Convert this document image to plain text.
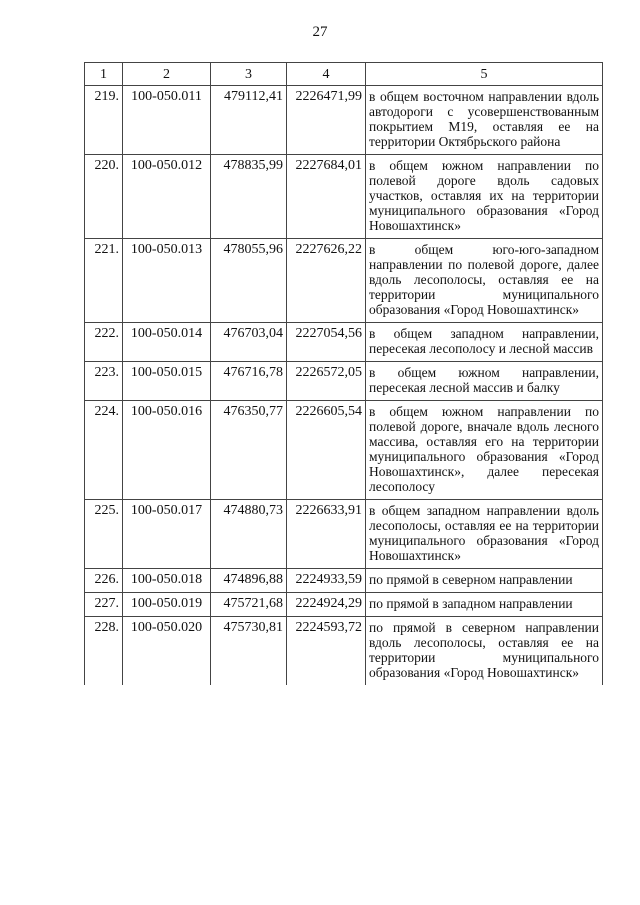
27
1	2	3	4	5
219.	100-050.011	479112,41	2226471,99	в общем восточном направлении вдоль автодороги с усовершенствованным покрытием М19, оставляя ее на территории Октябрьского района
220.	100-050.012	478835,99	2227684,01	в общем южном направлении по полевой дороге вдоль садовых участков, оставляя их на территории муниципального образования «Город Новошахтинск»
221.	100-050.013	478055,96	2227626,22	в общем юго-юго-западном направлении по полевой дороге, далее вдоль лесополосы, оставляя ее на территории муниципального образования «Город Новошахтинск»
222.	100-050.014	476703,04	2227054,56	в общем западном направлении, пересекая лесополосу и лесной массив
223.	100-050.015	476716,78	2226572,05	в общем южном направлении, пересекая лесной массив и балку
224.	100-050.016	476350,77	2226605,54	в общем южном направлении по полевой дороге, вначале вдоль лесного массива, оставляя его на территории муниципального образования «Город Новошахтинск», далее пересекая лесополосу
225.	100-050.017	474880,73	2226633,91	в общем западном направлении вдоль лесополосы, оставляя ее на территории муниципального образования «Город Новошахтинск»
226.	100-050.018	474896,88	2224933,59	по прямой в северном направлении
227.	100-050.019	475721,68	2224924,29	по прямой в западном направлении
228.	100-050.020	475730,81	2224593,72	по прямой в северном направлении вдоль лесополосы, оставляя ее на территории муниципального образования «Город Новошахтинск»
